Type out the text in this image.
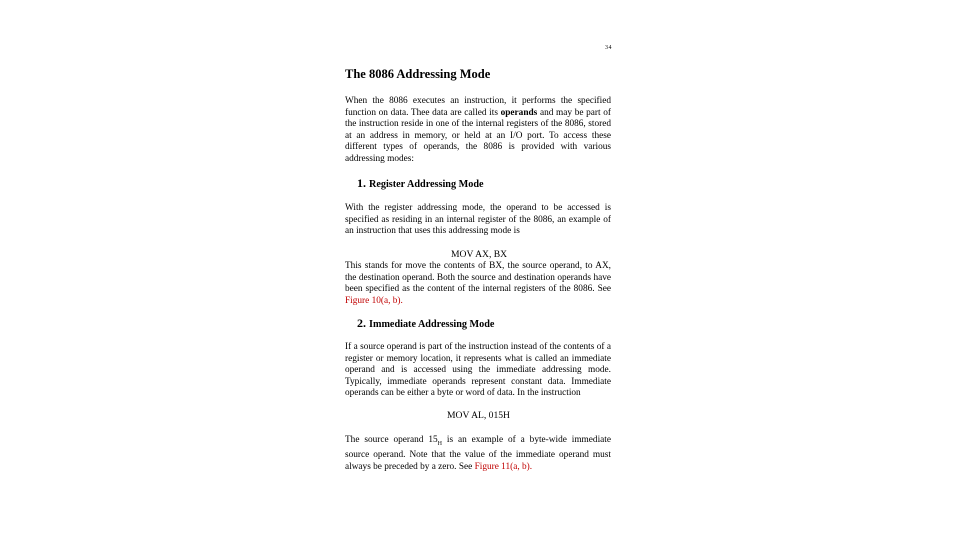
34
The 8086 Addressing Mode

When the 8086 executes an instruction, it performs the specified function on data. Thee data are called its operands and may be part of the instruction reside in one of the internal registers of the 8086, stored at an address in memory, or held at an I/O port. To access these different types of operands, the 8086 is provided with various addressing modes:

1. Register Addressing Mode

With the register addressing mode, the operand to be accessed is specified as residing in an internal register of the 8086, an example of an instruction that uses this addressing mode is

MOV AX, BX

This stands for move the contents of BX, the source operand, to AX, the destination operand. Both the source and destination operands have been specified as the content of the internal registers of the 8086. See Figure 10(a, b).

2. Immediate Addressing Mode

If a source operand is part of the instruction instead of the contents of a register or memory location, it represents what is called an immediate operand and is accessed using the immediate addressing mode. Typically, immediate operands represent constant data. Immediate operands can be either a byte or word of data. In the instruction

MOV AL, 015H

The source operand $15_H$ is an example of a byte-wide immediate source operand. Note that the value of the immediate operand must always be preceded by a zero. See Figure 11(a, b).
